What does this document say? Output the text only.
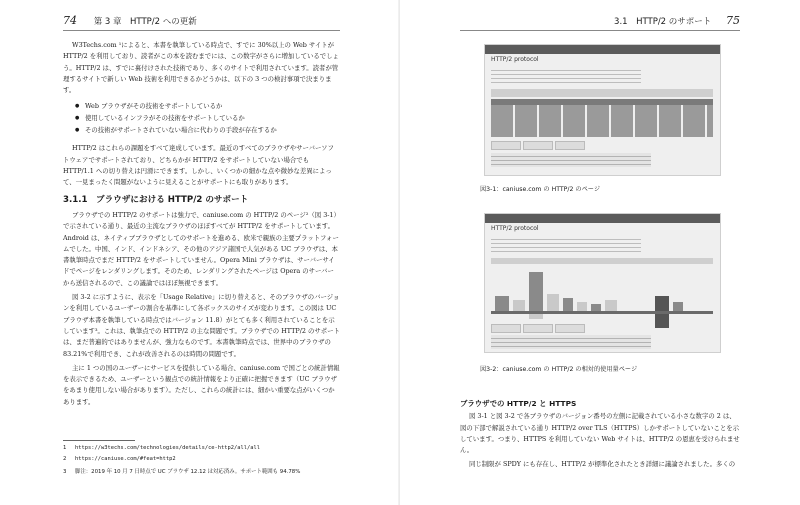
74 第 3 章　HTTP/2 への更新

W3Techs.com ¹によると、本書を執筆している時点で、すでに 30%以上の Web サイトが HTTP/2 を利用しており、読者がこの本を読むまでには、この数字がさらに増加しているでしょう。HTTP/2 は、すでに裏付けされた技術であり、多くのサイトで利用されています。読者が管理するサイトで新しい Web 技術を利用できるかどうかは、以下の 3 つの検討事項で決まります。

● Web ブラウザがその技術をサポートしているか
● 使用しているインフラがその技術をサポートしているか
● その技術がサポートされていない場合に代わりの手段が存在するか

HTTP/2 はこれらの課題をすべて達成しています。最近のすべてのブラウザやサーバーソフトウェアでサポートされており、どちらかが HTTP/2 をサポートしていない場合でも HTTP/1.1 への切り替えは円滑にできます。しかし、いくつかの細かな点や微妙な差異によって、一見まったく問題がないように見えることがサポートにも取りがあります。

3.1.1　ブラウザにおける HTTP/2 のサポート

ブラウザでの HTTP/2 のサポートは強力で、caniuse.com の HTTP/2 のページ²（図 3-1）で示されている通り、最近の主流なブラウザのほぼすべてが HTTP/2 をサポートしています。Android は、ネイティブブラウザとしてのサポートを進める、欧米で親族の主要プラットフォームでした。中国、インド、インドネシア、その他のアジア諸国で人気がある UC ブラウザは、本書執筆時点でまだ HTTP/2 をサポートしていません。Opera Mini ブラウザは、サーバーサイドでページをレンダリングします。そのため、レンダリングされたページは Opera のサーバーから送信されるので、この議論ではほぼ無視できます。

図 3-2 に示すように、表示を「Usage Relative」に切り替えると、そのブラウザのバージョンを利用しているユーザーの割合を基準にして各ボックスのサイズが変わります。この図は UC ブラウザ本書を執筆している時点ではバージョン 11.8）がとても多く利用されていることを示しています³。これは、執筆点での HTTP/2 の主な問題です。ブラウザでの HTTP/2 のサポートは、まだ普遍的ではありませんが、強力なものです。本書執筆時点では、世界中のブラウザの 83.21%で利用でき、これが改善されるのは時間の問題です。

主に 1 つの国のユーザーにサービスを提供している場合、caniuse.com で国ごとの統計情報を表示できるため、ユーザーという観点での統計情報をより正確に把握できます（UC ブラウザをあまり使用しない場合があります）。ただし、これらの統計には、細かい重要な点がいくつかあります。

1 https://w3techs.com/technologies/details/ce-http2/all/all
2 https://caniuse.com/#feat=http2
3 脚注：2019 年 10 月 7 日時点で UC ブラウザ 12.12 は対応済み。サポート範囲も 94.78%
3.1　HTTP/2 のサポート 75
HTTP/2 protocol
図3-1：caniuse.com の HTTP/2 のページ
HTTP/2 protocol
図3-2：caniuse.com の HTTP/2 の相対的使用量ページ
ブラウザでの HTTP/2 と HTTPS

図 3-1 と図 3-2 で各ブラウザのバージョン番号の左側に記載されている小さな数字の 2 は、図の下部で解説されている通り HTTP/2 over TLS（HTTPS）しかサポートしていないことを示しています。つまり、HTTPS を利用していない Web サイトは、HTTP/2 の恩恵を受けられません。

同じ制限が SPDY にも存在し、HTTP/2 が標準化されたとき詳細に議論されました。多くの
